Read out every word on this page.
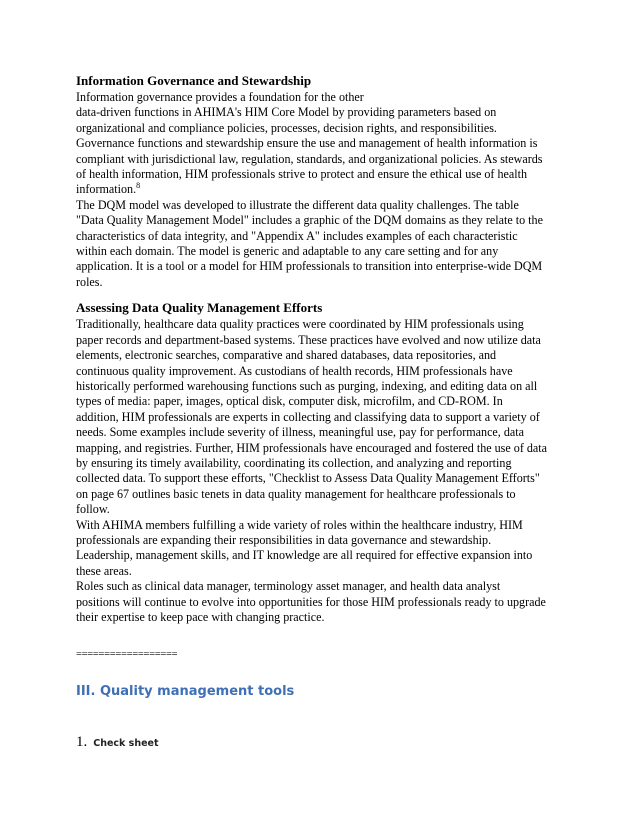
Information Governance and Stewardship
Information governance provides a foundation for the other
data-driven functions in AHIMA's HIM Core Model by providing parameters based on
organizational and compliance policies, processes, decision rights, and responsibilities.
Governance functions and stewardship ensure the use and management of health information is
compliant with jurisdictional law, regulation, standards, and organizational policies. As stewards
of health information, HIM professionals strive to protect and ensure the ethical use of health
information.$^8$
The DQM model was developed to illustrate the different data quality challenges. The table
"Data Quality Management Model" includes a graphic of the DQM domains as they relate to the
characteristics of data integrity, and "Appendix A" includes examples of each characteristic
within each domain. The model is generic and adaptable to any care setting and for any
application. It is a tool or a model for HIM professionals to transition into enterprise-wide DQM
roles.
Assessing Data Quality Management Efforts
Traditionally, healthcare data quality practices were coordinated by HIM professionals using
paper records and department-based systems. These practices have evolved and now utilize data
elements, electronic searches, comparative and shared databases, data repositories, and
continuous quality improvement. As custodians of health records, HIM professionals have
historically performed warehousing functions such as purging, indexing, and editing data on all
types of media: paper, images, optical disk, computer disk, microfilm, and CD-ROM. In
addition, HIM professionals are experts in collecting and classifying data to support a variety of
needs. Some examples include severity of illness, meaningful use, pay for performance, data
mapping, and registries. Further, HIM professionals have encouraged and fostered the use of data
by ensuring its timely availability, coordinating its collection, and analyzing and reporting
collected data. To support these efforts, "Checklist to Assess Data Quality Management Efforts"
on page 67 outlines basic tenets in data quality management for healthcare professionals to
follow.
With AHIMA members fulfilling a wide variety of roles within the healthcare industry, HIM
professionals are expanding their responsibilities in data governance and stewardship.
Leadership, management skills, and IT knowledge are all required for effective expansion into
these areas.
Roles such as clinical data manager, terminology asset manager, and health data analyst
positions will continue to evolve into opportunities for those HIM professionals ready to upgrade
their expertise to keep pace with changing practice.
==================
III. Quality management tools
1. Check sheet
